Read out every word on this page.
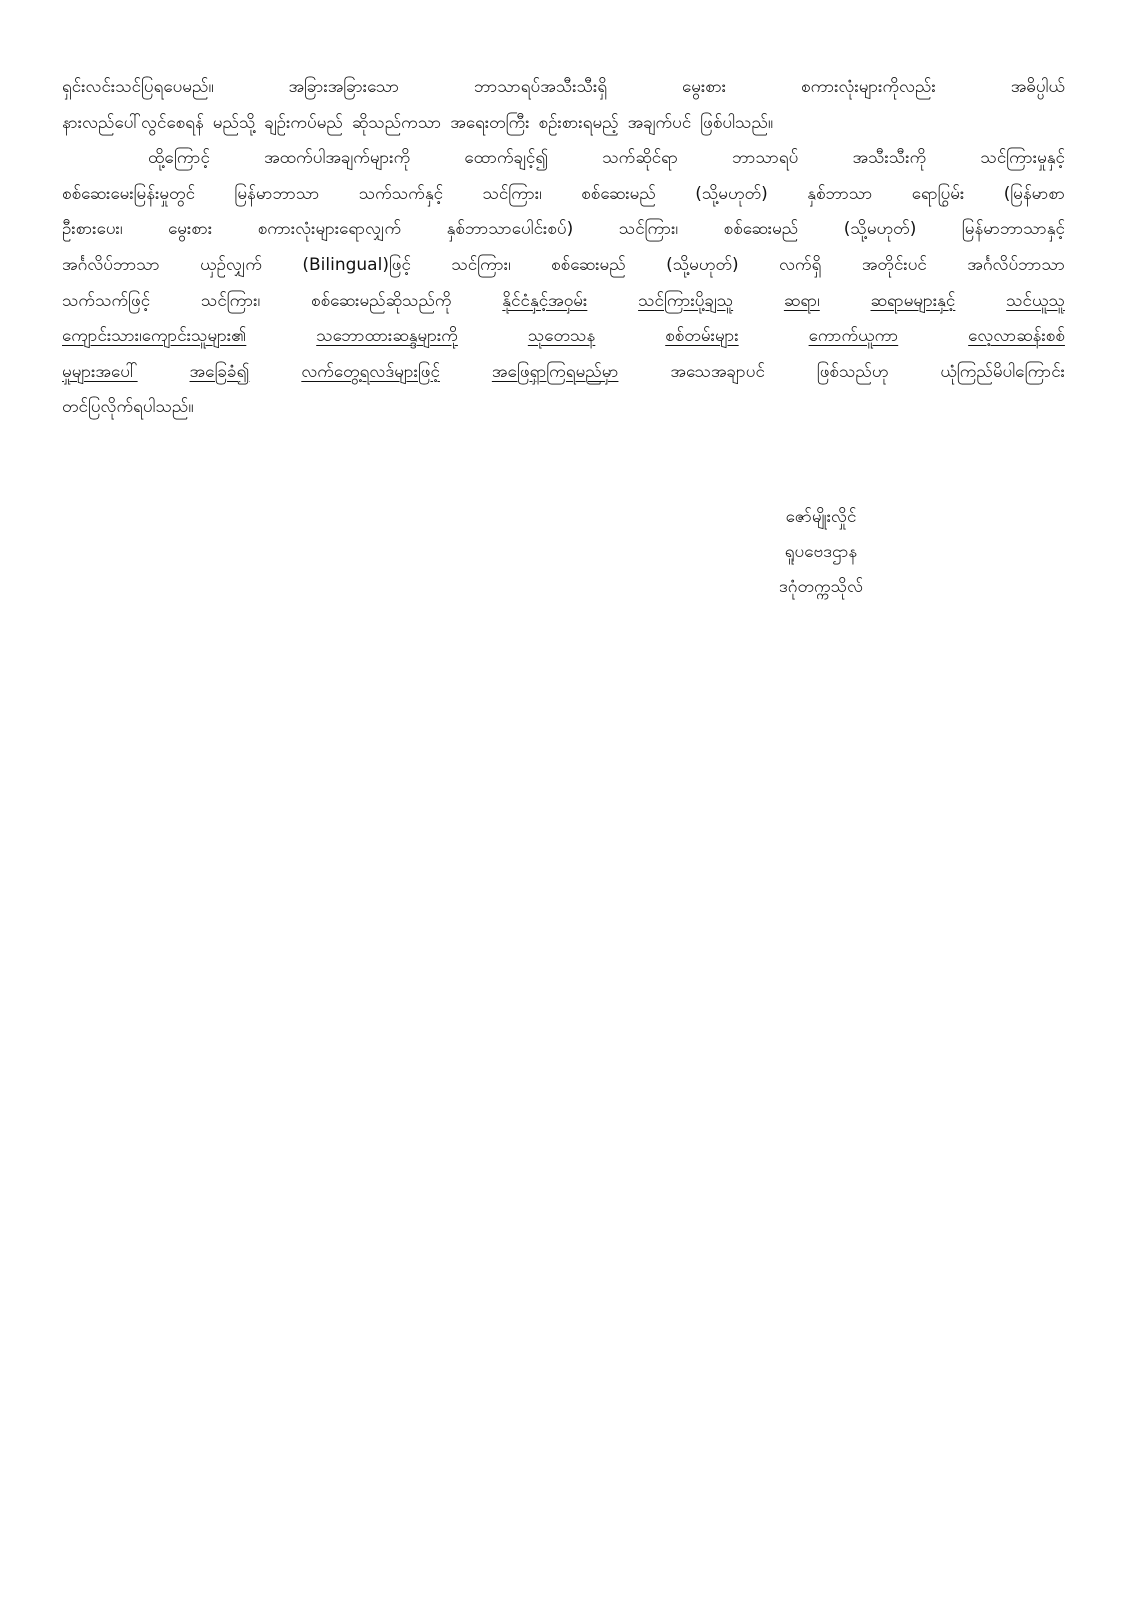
ရှင်းလင်းသင်ပြရပေမည်။	အခြားအခြားသော	ဘာသာရပ်အသီးသီးရှိ	မွေးစား	စကားလုံးများကိုလည်း	အဓိပ္ပါယ်
နားလည်ပေါ်လွင်စေရန် မည်သို့ ချဉ်းကပ်မည် ဆိုသည်ကသာ အရေးတကြီး စဉ်းစားရမည့် အချက်ပင် ဖြစ်ပါသည်။
ထို့ကြောင့်	အထက်ပါအချက်များကို	ထောက်ချင့်၍	သက်ဆိုင်ရာ	ဘာသာရပ်	အသီးသီးကို	သင်ကြားမှုနှင့်
စစ်ဆေးမေးမြန်းမှုတွင် မြန်မာဘာသာ သက်သက်နှင့် သင်ကြား၊ စစ်ဆေးမည် (သို့မဟုတ်) နှစ်ဘာသာ ရောပြွမ်း (မြန်မာစာ
ဦးစားပေး၊	မွေးစား	စကားလုံးများရောလျှက်	နှစ်ဘာသာပေါင်းစပ်)	သင်ကြား၊	စစ်ဆေးမည်	(သို့မဟုတ်)	မြန်မာဘာသာနှင့်
အင်္ဂလိပ်ဘာသာ ယှဉ်လျှက် (Bilingual)ဖြင့် သင်ကြား၊ စစ်ဆေးမည် (သို့မဟုတ်) လက်ရှိ အတိုင်းပင် အင်္ဂလိပ်ဘာသာ
သက်သက်ဖြင့်	သင်ကြား၊	စစ်ဆေးမည်ဆိုသည်ကို	နိုင်ငံနှင့်အဝှမ်း	သင်ကြားပို့ချသူ	ဆရာ၊	ဆရာမများနှင့်	သင်ယူသူ
ကျောင်းသား၊ကျောင်းသူများ၏	သဘောထားဆန္ဒများကို	သုတေသန	စစ်တမ်းများ	ကောက်ယူကာ	လေ့လာဆန်းစစ်
မှုများအပေါ်	အခြေခံ၍	လက်တွေ့ရလဒ်များဖြင့်	အဖြေရှာကြရမည်မှာ	အသေအချာပင်	ဖြစ်သည်ဟု	ယုံကြည်မိပါကြောင်း
တင်ပြလိုက်ရပါသည်။
ဇော်မျိုးလှိုင်
ရူပဗေဒဌာန
ဒဂုံတက္ကသိုလ်
